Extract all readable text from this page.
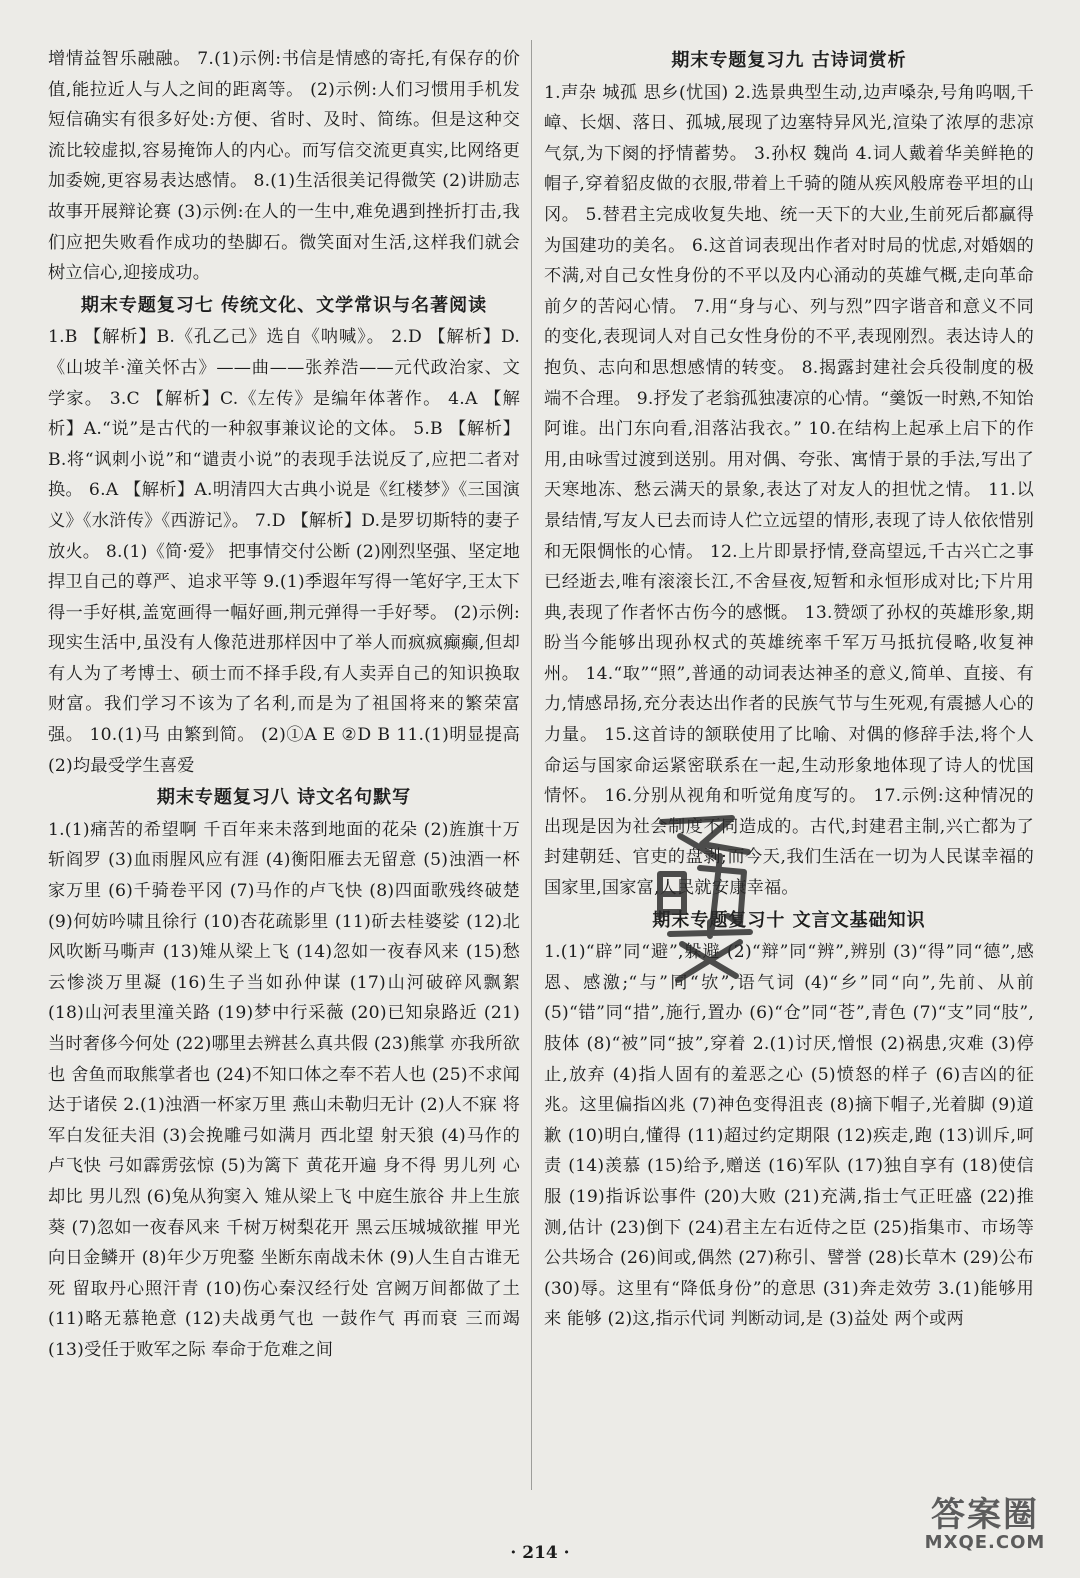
增情益智乐融融。 7.(1)示例:书信是情感的寄托,有保存的价值,能拉近人与人之间的距离等。 (2)示例:人们习惯用手机发短信确实有很多好处:方便、省时、及时、简练。但是这种交流比较虚拟,容易掩饰人的内心。而写信交流更真实,比网络更加委婉,更容易表达感情。 8.(1)生活很美记得微笑 (2)讲励志故事开展辩论赛 (3)示例:在人的一生中,难免遇到挫折打击,我们应把失败看作成功的垫脚石。微笑面对生活,这样我们就会树立信心,迎接成功。

期末专题复习七 传统文化、文学常识与名著阅读

1.B 【解析】B.《孔乙己》选自《呐喊》。 2.D 【解析】D.《山坡羊·潼关怀古》——曲——张养浩——元代政治家、文学家。 3.C 【解析】C.《左传》是编年体著作。 4.A 【解析】A.“说”是古代的一种叙事兼议论的文体。 5.B 【解析】B.将“讽刺小说”和“谴责小说”的表现手法说反了,应把二者对换。 6.A 【解析】A.明清四大古典小说是《红楼梦》《三国演义》《水浒传》《西游记》。 7.D 【解析】D.是罗切斯特的妻子放火。 8.(1)《简·爱》 把事情交付公断 (2)刚烈坚强、坚定地捍卫自己的尊严、追求平等 9.(1)季遐年写得一笔好字,王太下得一手好棋,盖宽画得一幅好画,荆元弹得一手好琴。 (2)示例:现实生活中,虽没有人像范进那样因中了举人而疯疯癫癫,但却有人为了考博士、硕士而不择手段,有人卖弄自己的知识换取财富。我们学习不该为了名利,而是为了祖国将来的繁荣富强。 10.(1)马 由繁到简。 (2)①A E ②D B 11.(1)明显提高 (2)均最受学生喜爱

期末专题复习八 诗文名句默写

1.(1)痛苦的希望啊 千百年来未落到地面的花朵 (2)旌旗十万斩阎罗 (3)血雨腥风应有涯 (4)衡阳雁去无留意 (5)浊酒一杯家万里 (6)千骑卷平冈 (7)马作的卢飞快 (8)四面歌残终破楚 (9)何妨吟啸且徐行 (10)杏花疏影里 (11)斫去桂婆娑 (12)北风吹断马嘶声 (13)雉从梁上飞 (14)忽如一夜春风来 (15)愁云惨淡万里凝 (16)生子当如孙仲谋 (17)山河破碎风飘絮 (18)山河表里潼关路 (19)梦中行采薇 (20)已知泉路近 (21)当时奢侈今何处 (22)哪里去辨甚么真共假 (23)熊掌 亦我所欲也 舍鱼而取熊掌者也 (24)不知口体之奉不若人也 (25)不求闻达于诸侯 2.(1)浊酒一杯家万里 燕山未勒归无计 (2)人不寐 将军白发征夫泪 (3)会挽雕弓如满月 西北望 射天狼 (4)马作的卢飞快 弓如霹雳弦惊 (5)为篱下 黄花开遍 身不得 男儿列 心却比 男儿烈 (6)兔从狗窦入 雉从梁上飞 中庭生旅谷 井上生旅葵 (7)忽如一夜春风来 千树万树梨花开 黑云压城城欲摧 甲光向日金鳞开 (8)年少万兜鍪 坐断东南战未休 (9)人生自古谁无死 留取丹心照汗青 (10)伤心秦汉经行处 宫阙万间都做了土 (11)略无慕艳意 (12)夫战勇气也 一鼓作气 再而衰 三而竭 (13)受任于败军之际 奉命于危难之间

期末专题复习九 古诗词赏析

1.声杂 城孤 思乡(忧国) 2.选景典型生动,边声嗓杂,号角呜咽,千嶂、长烟、落日、孤城,展现了边塞特异风光,渲染了浓厚的悲凉气氛,为下阕的抒情蓄势。 3.孙权 魏尚 4.词人戴着华美鲜艳的帽子,穿着貂皮做的衣服,带着上千骑的随从疾风般席卷平坦的山冈。 5.替君主完成收复失地、统一天下的大业,生前死后都赢得为国建功的美名。 6.这首词表现出作者对时局的忧虑,对婚姻的不满,对自己女性身份的不平以及内心涌动的英雄气概,走向革命前夕的苦闷心情。 7.用“身与心、列与烈”四字谐音和意义不同的变化,表现词人对自己女性身份的不平,表现刚烈。表达诗人的抱负、志向和思想感情的转变。 8.揭露封建社会兵役制度的极端不合理。 9.抒发了老翁孤独凄凉的心情。“羹饭一时熟,不知饴阿谁。出门东向看,泪落沾我衣。” 10.在结构上起承上启下的作用,由咏雪过渡到送别。用对偶、夸张、寓情于景的手法,写出了天寒地冻、愁云满天的景象,表达了对友人的担忧之情。 11.以景结情,写友人已去而诗人伫立远望的情形,表现了诗人依依惜别和无限惆怅的心情。 12.上片即景抒情,登高望远,千古兴亡之事已经逝去,唯有滚滚长江,不舍昼夜,短暂和永恒形成对比;下片用典,表现了作者怀古伤今的感慨。 13.赞颂了孙权的英雄形象,期盼当今能够出现孙权式的英雄统率千军万马抵抗侵略,收复神州。 14.“取”“照”,普通的动词表达神圣的意义,简单、直接、有力,情感昂扬,充分表达出作者的民族气节与生死观,有震撼人心的力量。 15.这首诗的颔联使用了比喻、对偶的修辞手法,将个人命运与国家命运紧密联系在一起,生动形象地体现了诗人的忧国情怀。 16.分别从视角和听觉角度写的。 17.示例:这种情况的出现是因为社会制度不同造成的。古代,封建君主制,兴亡都为了封建朝廷、官吏的盘剥;而今天,我们生活在一切为人民谋幸福的国家里,国家富,人民就安康幸福。

期末专题复习十 文言文基础知识

1.(1)“辟”同“避”,躲避 (2)“辩”同“辨”,辨别 (3)“得”同“德”,感恩、感激;“与”同“欤”,语气词 (4)“乡”同“向”,先前、从前 (5)“错”同“措”,施行,置办 (6)“仓”同“苍”,青色 (7)“支”同“肢”,肢体 (8)“被”同“披”,穿着 2.(1)讨厌,憎恨 (2)祸患,灾难 (3)停止,放弃 (4)指人固有的羞恶之心 (5)愤怒的样子 (6)吉凶的征兆。这里偏指凶兆 (7)神色变得沮丧 (8)摘下帽子,光着脚 (9)道歉 (10)明白,懂得 (11)超过约定期限 (12)疾走,跑 (13)训斥,呵责 (14)羡慕 (15)给予,赠送 (16)军队 (17)独自享有 (18)使信服 (19)指诉讼事件 (20)大败 (21)充满,指士气正旺盛 (22)推测,估计 (23)倒下 (24)君主左右近侍之臣 (25)指集市、市场等公共场合 (26)间或,偶然 (27)称引、譬誉 (28)长草木 (29)公布 (30)辱。这里有“降低身份”的意思 (31)奔走效劳 3.(1)能够用来 能够 (2)这,指示代词 判断动词,是 (3)益处 两个或两

· 214 ·
答案圈
MXQE.COM
